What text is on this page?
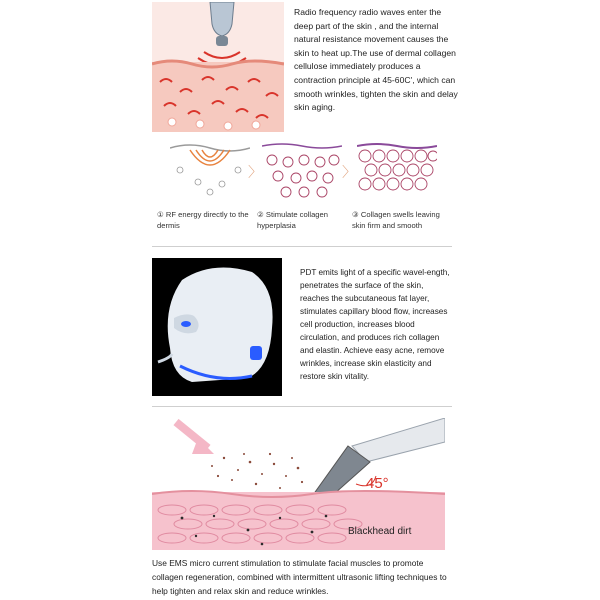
Radio frequency radio waves enter the deep part of the skin , and the internal natural resistance movement causes the skin to heat up.The use of dermal collagen cellulose immediately produces a contraction principle at 45-60C', which can smooth wrinkles, tighten the skin and delay skin aging.
〉	〉
① RF energy directly to the dermis
② Stimulate collagen hyperplasia
③ Collagen swells leaving skin firm and smooth
PDT emits light of a specific wavel-ength, penetrates the surface of the skin, reaches the subcutaneous fat layer, stimulates capillary blood flow, increases cell production, increases blood circulation, and produces rich collagen and elastin. Achieve easy acne, remove wrinkles, increase skin elasticity and restore skin vitality.
45°
Blackhead dirt
Use EMS micro current stimulation to stimulate facial muscles to promote collagen regeneration, combined with intermittent ultrasonic lifting techniques to help tighten and relax skin and reduce wrinkles.
